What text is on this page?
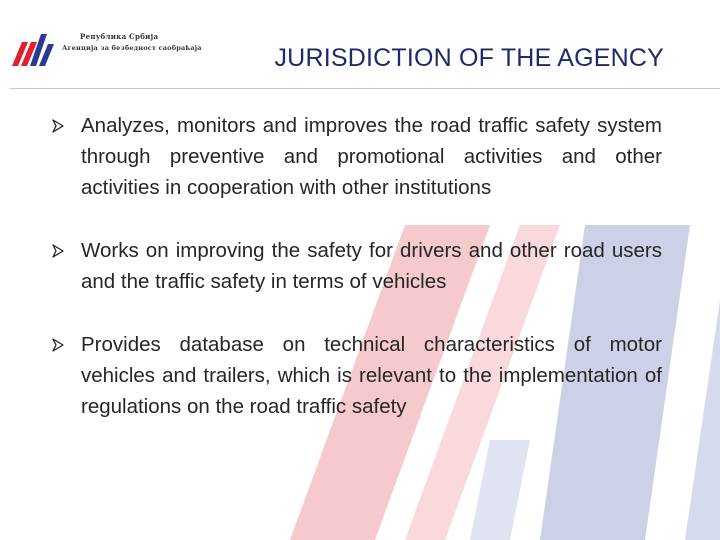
Република Србија
Агенција за безбедност саобраћаја	JURISDICTION OF THE AGENCY
Analyzes, monitors and improves the road traffic safety system through preventive and promotional activities and other activities in cooperation with other institutions
Works on improving the safety for drivers and other road users and the traffic safety in terms of vehicles
Provides database on technical characteristics of motor vehicles and trailers, which is relevant to the implementation of regulations on the road traffic safety
